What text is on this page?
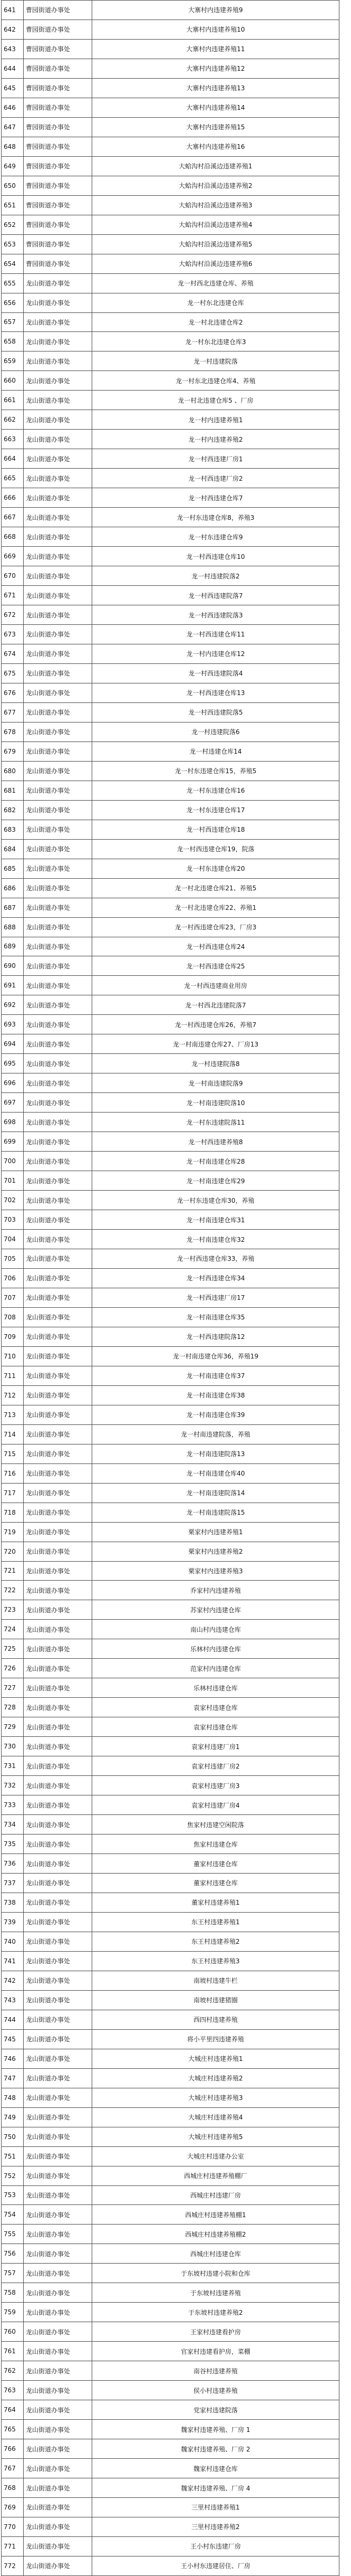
641	曹园街道办事处	大寨村内违建养殖9
642	曹园街道办事处	大寨村内违建养殖10
643	曹园街道办事处	大寨村内违建养殖11
644	曹园街道办事处	大寨村内违建养殖12
645	曹园街道办事处	大寨村内违建养殖13
646	曹园街道办事处	大寨村内违建养殖14
647	曹园街道办事处	大寨村内违建养殖15
648	曹园街道办事处	大寨村内违建养殖16
649	曹园街道办事处	大蛤沟村沿溪边违建养殖1
650	曹园街道办事处	大蛤沟村沿溪边违建养殖2
651	曹园街道办事处	大蛤沟村沿溪边违建养殖3
652	曹园街道办事处	大蛤沟村沿溪边违建养殖4
653	曹园街道办事处	大蛤沟村沿溪边违建养殖5
654	曹园街道办事处	大蛤沟村沿溪边违建养殖6
655	龙山街道办事处	龙一村西北违建仓库、养殖
656	龙山街道办事处	龙一村东北违建仓库
657	龙山街道办事处	龙一村北违建仓库2
658	龙山街道办事处	龙一村东北违建仓库3
659	龙山街道办事处	龙一村违建院落
660	龙山街道办事处	龙一村东北违建仓库4、养殖
661	龙山街道办事处	龙一村北违建仓库5 、厂房
662	龙山街道办事处	龙一村内违建养殖1
663	龙山街道办事处	龙一村内违建养殖2
664	龙山街道办事处	龙一村西违建厂房1
665	龙山街道办事处	龙一村西违建厂房2
666	龙山街道办事处	龙一村西违建仓库7
667	龙山街道办事处	龙一村东违建仓库8，养殖3
668	龙山街道办事处	龙一村东违建仓库9
669	龙山街道办事处	龙一村西违建仓库10
670	龙山街道办事处	龙一村违建院落2
671	龙山街道办事处	龙一村西违建院落7
672	龙山街道办事处	龙一村西违建院落3
673	龙山街道办事处	龙一村西违建仓库11
674	龙山街道办事处	龙一村内违建仓库12
675	龙山街道办事处	龙一村西违建院落4
676	龙山街道办事处	龙一村西违建仓库13
677	龙山街道办事处	龙一村西违建院落5
678	龙山街道办事处	龙一村违建院落6
679	龙山街道办事处	龙一村违建仓库14
680	龙山街道办事处	龙一村东违建仓库15，养殖5
681	龙山街道办事处	龙一村东违建仓库16
682	龙山街道办事处	龙一村东违建仓库17
683	龙山街道办事处	龙一村西违建仓库18
684	龙山街道办事处	龙一村西违建仓库19，院落
685	龙山街道办事处	龙一村东违建仓库20
686	龙山街道办事处	龙一村北违建仓库21、养殖5
687	龙山街道办事处	龙一村北违建仓库22、养殖1
688	龙山街道办事处	龙一村西违建仓库23，厂房3
689	龙山街道办事处	龙一村西违建仓库24
690	龙山街道办事处	龙一村西违建仓库25
691	龙山街道办事处	龙一村西违建商业用房
692	龙山街道办事处	龙一村西北违建院落7
693	龙山街道办事处	龙一村西违建仓库26，养殖7
694	龙山街道办事处	龙一村南违建仓库27、厂房13
695	龙山街道办事处	龙一村违建院落8
696	龙山街道办事处	龙一村南违建院落9
697	龙山街道办事处	龙一村南违建院落10
698	龙山街道办事处	龙一村东违建院落11
699	龙山街道办事处	龙一村西违建养殖8
700	龙山街道办事处	龙一村南违建仓库28
701	龙山街道办事处	龙一村南违建仓库29
702	龙山街道办事处	龙一村东违建仓库30，养殖
703	龙山街道办事处	龙一村南违建仓库31
704	龙山街道办事处	龙一村南违建仓库32
705	龙山街道办事处	龙一村西违建仓库33，养殖
706	龙山街道办事处	龙一村西违建仓库34
707	龙山街道办事处	龙一村西违建厂房17
708	龙山街道办事处	龙一村南违建仓库35
709	龙山街道办事处	龙一村西违建院落12
710	龙山街道办事处	龙一村南违建仓库36，养殖19
711	龙山街道办事处	龙一村南违建仓库37
712	龙山街道办事处	龙一村南违建仓库38
713	龙山街道办事处	龙一村南违建仓库39
714	龙山街道办事处	龙一村南违建院落，养殖
715	龙山街道办事处	龙一村南违建院落13
716	龙山街道办事处	龙一村南违建仓库40
717	龙山街道办事处	龙一村南违建院落14
718	龙山街道办事处	龙一村南违建院落15
719	龙山街道办事处	栗家村内违建养殖1
720	龙山街道办事处	栗家村内违建养殖2
721	龙山街道办事处	栗家村内违建养殖3
722	龙山街道办事处	乔家村内违建养殖
723	龙山街道办事处	苏家村内违建仓库
724	龙山街道办事处	南山村内违建仓库
725	龙山街道办事处	乐林村内违建仓库
726	龙山街道办事处	范家村内违建仓库
727	龙山街道办事处	乐林村违建仓库
728	龙山街道办事处	袁家村违建仓库
729	龙山街道办事处	袁家村违建仓库
730	龙山街道办事处	袁家村违建厂房1
731	龙山街道办事处	袁家村违建厂房2
732	龙山街道办事处	袁家村违建厂房3
733	龙山街道办事处	袁家村违建厂房4
734	龙山街道办事处	焦家村违建空闲院落
735	龙山街道办事处	焦家村违建仓库
736	龙山街道办事处	董家村违建仓库
737	龙山街道办事处	董家村违建仓库
738	龙山街道办事处	董家村违建养殖1
739	龙山街道办事处	东王村违建养殖1
740	龙山街道办事处	东王村违建养殖2
741	龙山街道办事处	东王村违建养殖3
742	龙山街道办事处	南坡村违建牛栏
743	龙山街道办事处	南坡村违建猪圈
744	龙山街道办事处	西四村违建养殖
745	龙山街道办事处	将小平里四违建养殖
746	龙山街道办事处	大城庄村违建养殖1
747	龙山街道办事处	大城庄村违建养殖2
748	龙山街道办事处	大城庄村违建养殖3
749	龙山街道办事处	大城庄村违建养殖4
750	龙山街道办事处	大城庄村违建养殖5
751	龙山街道办事处	大城庄村违建办公室
752	龙山街道办事处	西城庄村违建养殖棚厂
753	龙山街道办事处	西城庄村违建厂房
754	龙山街道办事处	西城庄村违建养殖棚1
755	龙山街道办事处	西城庄村违建养殖棚2
756	龙山街道办事处	西城庄村违建仓库
757	龙山街道办事处	于东坡村违建小院和仓库
758	龙山街道办事处	于东坡村违建养殖
759	龙山街道办事处	于东坡村违建养殖2
760	龙山街道办事处	王家村违建看护房
761	龙山街道办事处	官家村违建看护房，菜棚
762	龙山街道办事处	南谷村违建养殖
763	龙山街道办事处	侯小村违建养殖
764	龙山街道办事处	党家村违建院落
765	龙山街道办事处	魏家村违建养殖、厂房 1
766	龙山街道办事处	魏家村违建养殖、厂房 2
767	龙山街道办事处	魏家村违建仓库
768	龙山街道办事处	魏家村违建养殖、厂房 4
769	龙山街道办事处	三里村违建养殖1
770	龙山街道办事处	三里村违建养殖2
771	龙山街道办事处	王小村东违建厂房
772	龙山街道办事处	王小村东违建居住、厂房
